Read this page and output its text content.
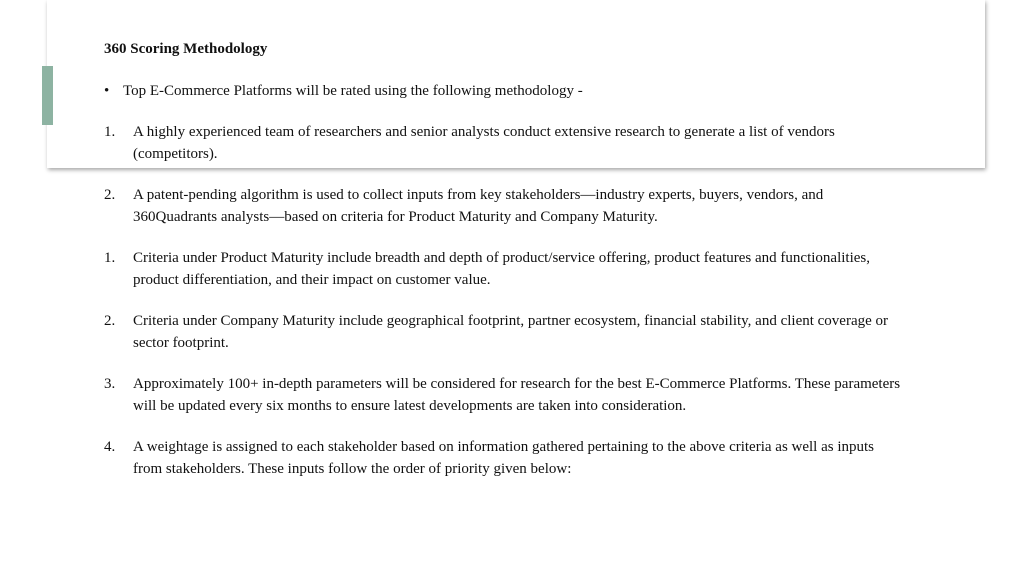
360 Scoring Methodology
• Top E-Commerce Platforms will be rated using the following methodology -
1.	A highly experienced team of researchers and senior analysts conduct extensive research to generate a list of vendors (competitors).
2.	A patent-pending algorithm is used to collect inputs from key stakeholders—industry experts, buyers, vendors, and 360Quadrants analysts—based on criteria for Product Maturity and Company Maturity.
1.	Criteria under Product Maturity include breadth and depth of product/service offering, product features and functionalities, product differentiation, and their impact on customer value.
2.	Criteria under Company Maturity include geographical footprint, partner ecosystem, financial stability, and client coverage or sector footprint.
3.	Approximately 100+ in-depth parameters will be considered for research for the best E-Commerce Platforms. These parameters will be updated every six months to ensure latest developments are taken into consideration.
4.	A weightage is assigned to each stakeholder based on information gathered pertaining to the above criteria as well as inputs from stakeholders. These inputs follow the order of priority given below:
